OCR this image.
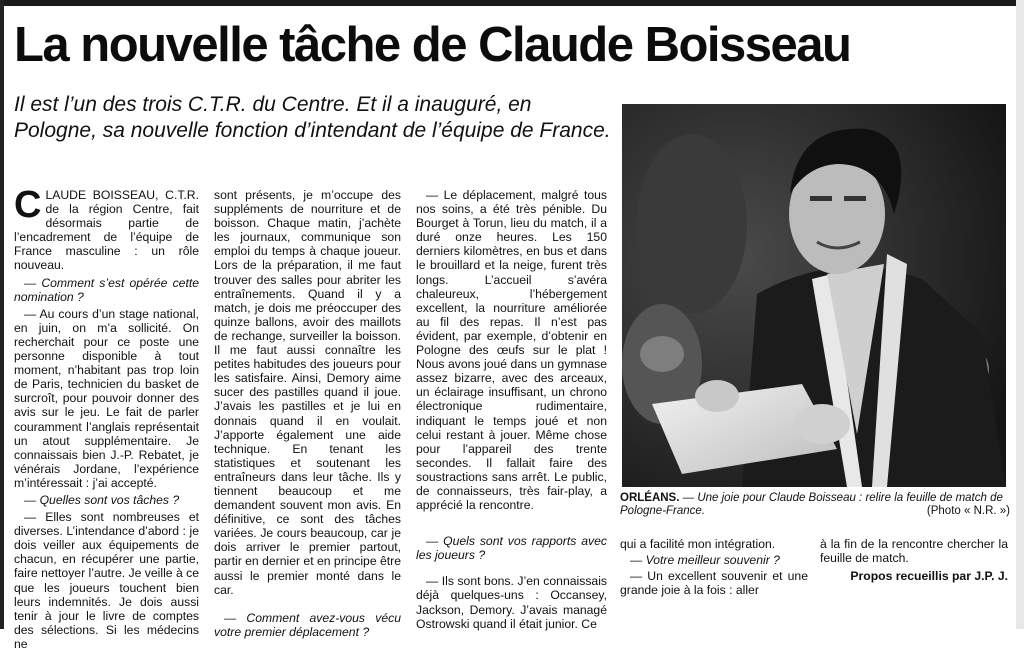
La nouvelle tâche de Claude Boisseau
Il est l’un des trois C.T.R. du Centre. Et il a inauguré, en Pologne, sa nouvelle fonction d’intendant de l’équipe de France.

CLAUDE BOISSEAU, C.T.R. de la région Centre, fait désormais partie de l’encadrement de l’équipe de France masculine : un rôle nouveau.

— Comment s’est opérée cette nomination ?

— Au cours d’un stage national, en juin, on m’a sollicité. On recherchait pour ce poste une personne disponible à tout moment, n’habitant pas trop loin de Paris, technicien du basket de surcroît, pour pouvoir donner des avis sur le jeu. Le fait de parler couramment l’anglais représentait un atout supplémentaire. Je connaissais bien J.-P. Rebatet, je vénérais Jordane, l’expérience m’intéressait : j’ai accepté.

— Quelles sont vos tâches ?

— Elles sont nombreuses et diverses. L’intendance d’abord : je dois veiller aux équipements de chacun, en récupérer une partie, faire nettoyer l’autre. Je veille à ce que les joueurs touchent bien leurs indemnités. Je dois aussi tenir à jour le livre de comptes des sélections. Si les médecins ne

sont présents, je m’occupe des suppléments de nourriture et de boisson. Chaque matin, j’achète les journaux, communique son emploi du temps à chaque joueur. Lors de la préparation, il me faut trouver des salles pour abriter les entraînements. Quand il y a match, je dois me préoccuper des quinze ballons, avoir des maillots de rechange, surveiller la boisson. Il me faut aussi connaître les petites habitudes des joueurs pour les satisfaire. Ainsi, Demory aime sucer des pastilles quand il joue. J’avais les pastilles et je lui en donnais quand il en voulait. J’apporte également une aide technique. En tenant les statistiques et soutenant les entraîneurs dans leur tâche. Ils y tiennent beaucoup et me demandent souvent mon avis. En définitive, ce sont des tâches variées. Je cours beaucoup, car je dois arriver le premier partout, partir en dernier et en principe être aussi le premier monté dans le car.

— Comment avez-vous vécu votre premier déplacement ?

— Le déplacement, malgré tous nos soins, a été très pénible. Du Bourget à Torun, lieu du match, il a duré onze heures. Les 150 derniers kilomètres, en bus et dans le brouillard et la neige, furent très longs. L’accueil s’avéra chaleureux, l’hébergement excellent, la nourriture améliorée au fil des repas. Il n’est pas évident, par exemple, d’obtenir en Pologne des œufs sur le plat ! Nous avons joué dans un gymnase assez bizarre, avec des arceaux, un éclairage insuffisant, un chrono électronique rudimentaire, indiquant le temps joué et non celui restant à jouer. Même chose pour l’appareil des trente secondes. Il fallait faire des soustractions sans arrêt. Le public, de connaisseurs, très fair-play, a apprécié la rencontre.

— Quels sont vos rapports avec les joueurs ?

— Ils sont bons. J’en connaissais déjà quelques-uns : Occansey, Jackson, Demory. J’avais managé Ostrowski quand il était junior. Ce

ORLÉANS. — Une joie pour Claude Boisseau : relire la feuille de match de Pologne-France.	(Photo « N.R. »)

qui a facilité mon intégration.

— Votre meilleur souvenir ?

— Un excellent souvenir et une grande joie à la fois : aller

à la fin de la rencontre chercher la feuille de match.

Propos recueillis par J.P. J.
